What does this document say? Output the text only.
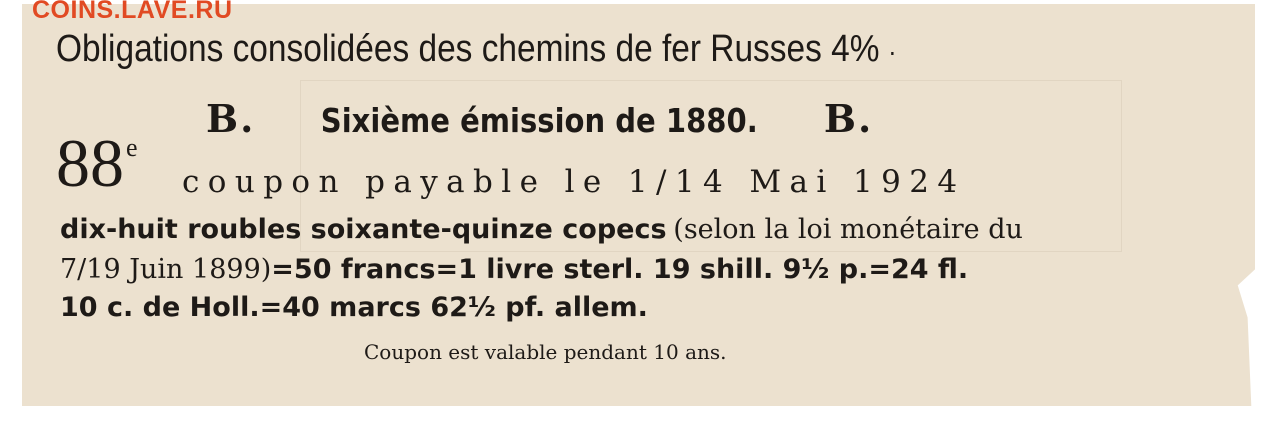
COINS.LAVE.RU
Obligations consolidées des chemins de fer Russes 4% ·
B. Sixième émission de 1880. B.
88e
coupon payable le 1/14 Mai 1924
dix-huit roubles soixante-quinze copecs (selon la loi monétaire du
7/19 Juin 1899)=50 francs=1 livre sterl. 19 shill. 9½ p.=24 fl.
10 c. de Holl.=40 marcs 62½ pf. allem.
Coupon est valable pendant 10 ans.
